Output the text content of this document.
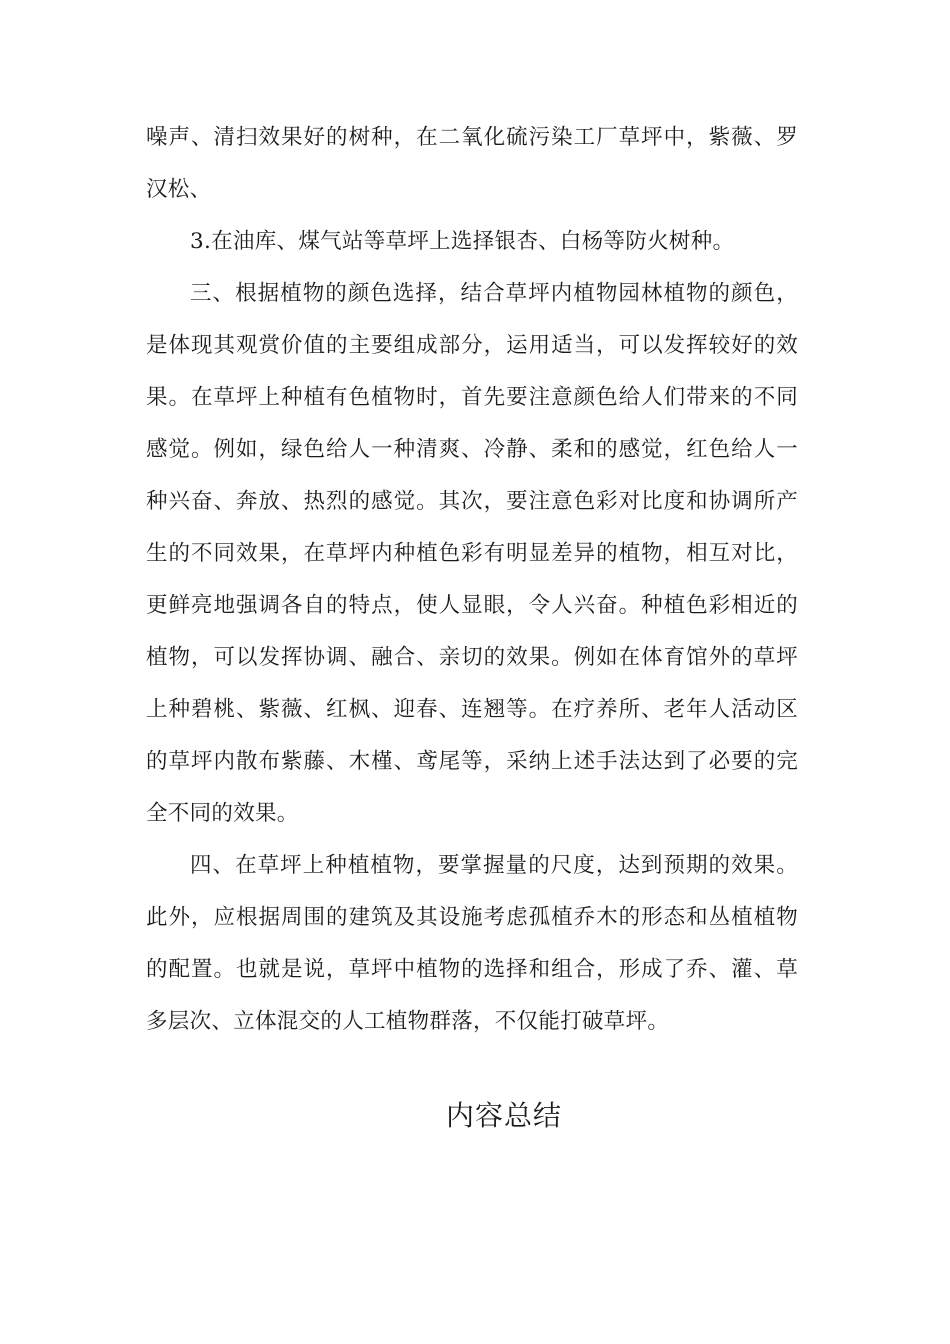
噪声、清扫效果好的树种，在二氧化硫污染工厂草坪中，紫薇、罗汉松、

3.在油库、煤气站等草坪上选择银杏、白杨等防火树种。

三、根据植物的颜色选择，结合草坪内植物园林植物的颜色，是体现其观赏价值的主要组成部分，运用适当，可以发挥较好的效果。在草坪上种植有色植物时，首先要注意颜色给人们带来的不同感觉。例如，绿色给人一种清爽、冷静、柔和的感觉，红色给人一种兴奋、奔放、热烈的感觉。其次，要注意色彩对比度和协调所产生的不同效果，在草坪内种植色彩有明显差异的植物，相互对比，更鲜亮地强调各自的特点，使人显眼，令人兴奋。种植色彩相近的植物，可以发挥协调、融合、亲切的效果。例如在体育馆外的草坪上种碧桃、紫薇、红枫、迎春、连翘等。在疗养所、老年人活动区的草坪内散布紫藤、木槿、鸢尾等，采纳上述手法达到了必要的完全不同的效果。

四、在草坪上种植植物，要掌握量的尺度，达到预期的效果。此外，应根据周围的建筑及其设施考虑孤植乔木的形态和丛植植物的配置。也就是说，草坪中植物的选择和组合，形成了乔、灌、草多层次、立体混交的人工植物群落，不仅能打破草坪。

内容总结
